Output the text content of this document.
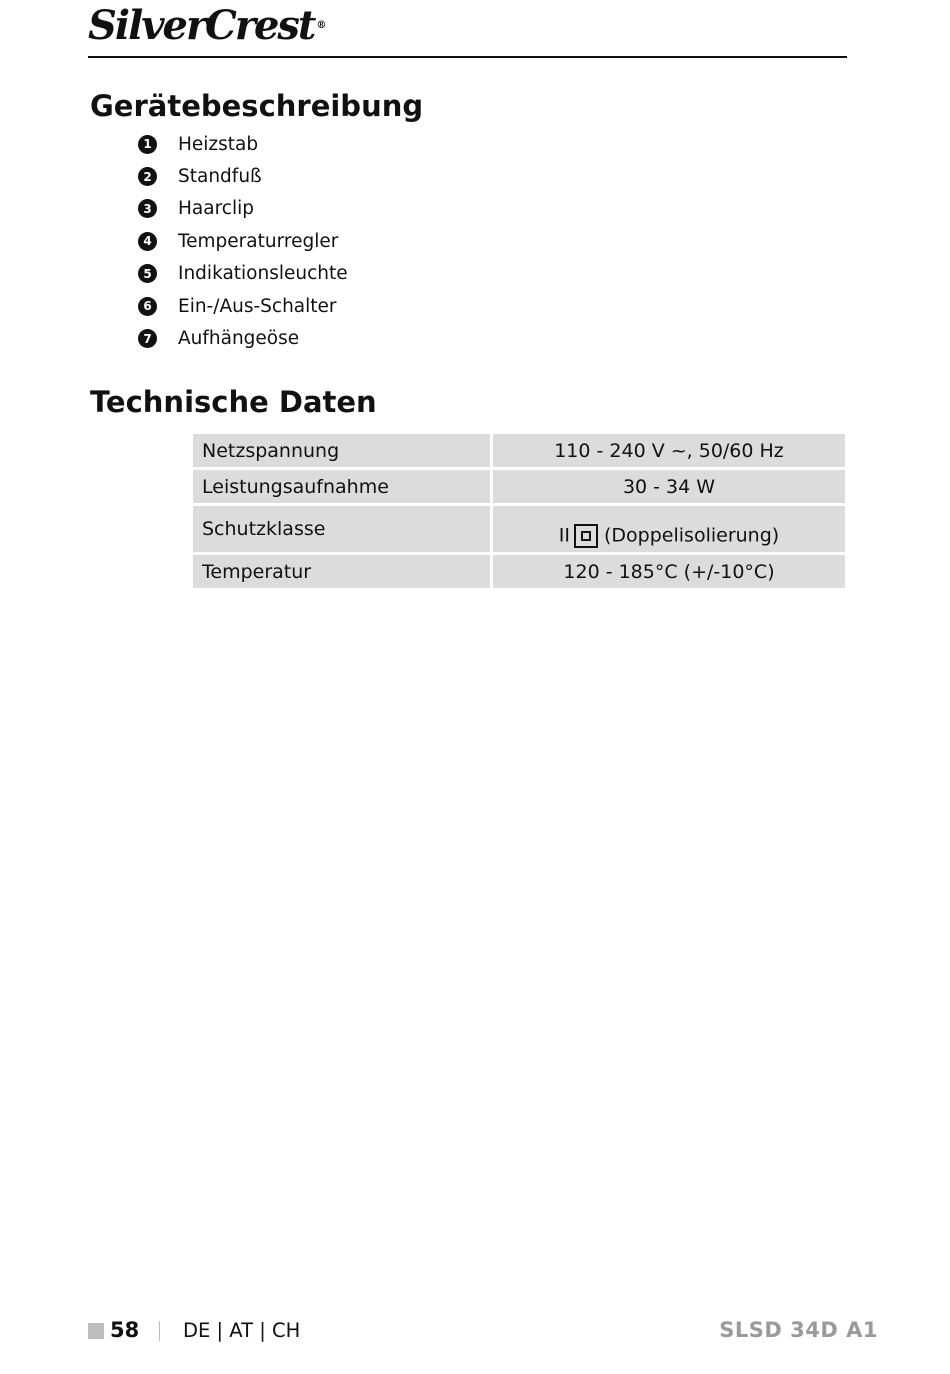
SilverCrest ®
Gerätebeschreibung
1 Heizstab
2 Standfuß
3 Haarclip
4 Temperaturregler
5 Indikationsleuchte
6 Ein-/Aus-Schalter
7 Aufhängeöse
Technische Daten
Netzspannung	110 - 240 V ~, 50/60 Hz
Leistungsaufnahme	30 - 34 W
Schutzklasse	II (Doppelisolierung)
Temperatur	120 - 185°C (+/-10°C)
58 DE | AT | CH	SLSD 34D A1
